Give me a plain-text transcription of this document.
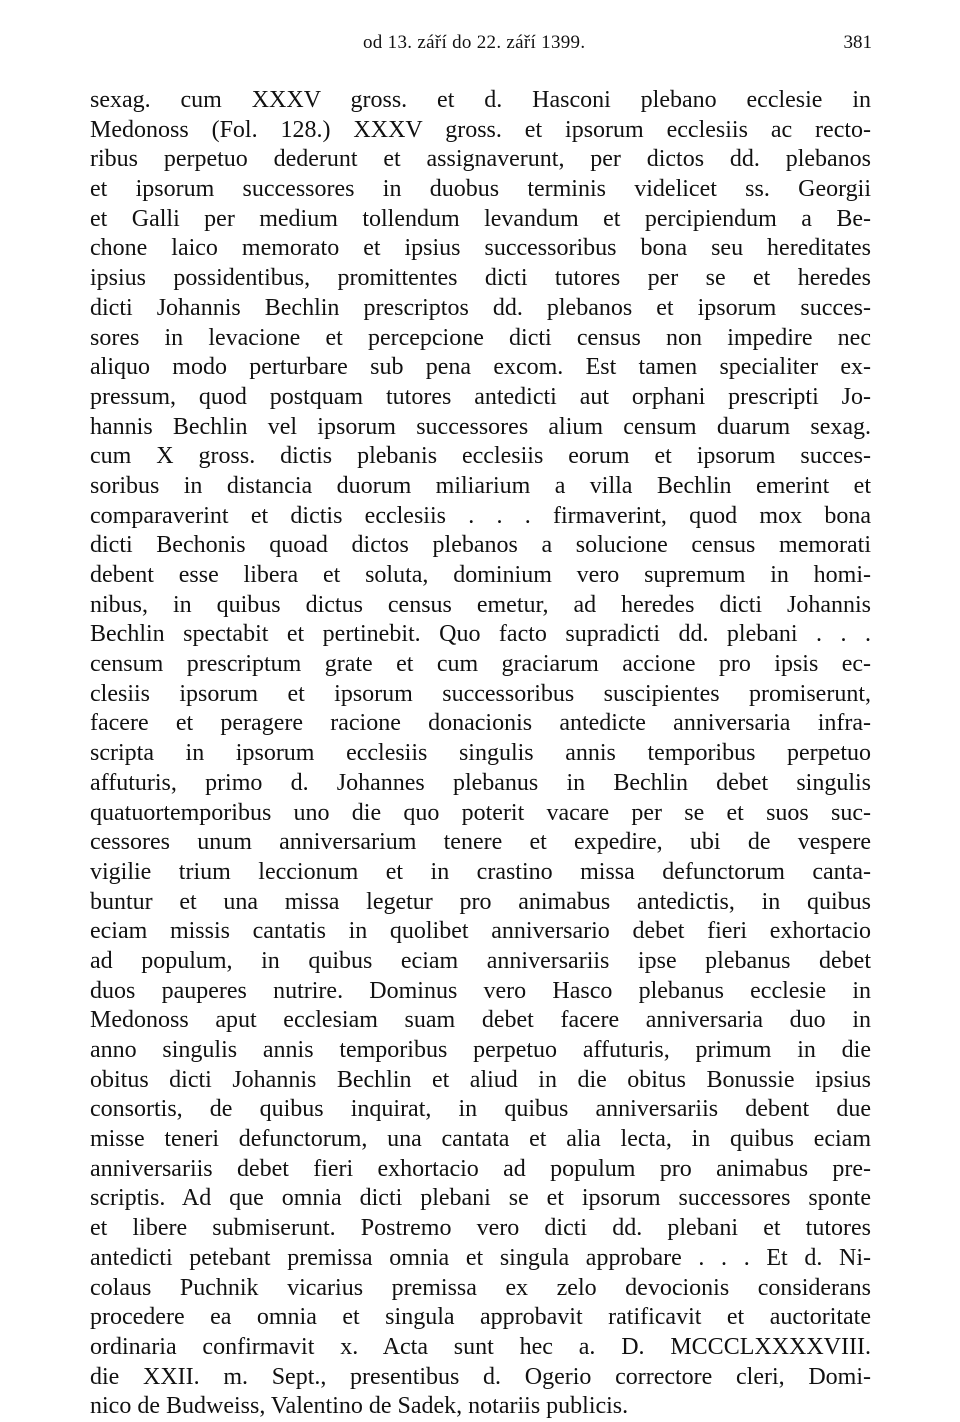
od 13. září do 22. září 1399.	381
sexag. cum XXXV gross. et d. Hasconi plebano ecclesie in
Medonoss (Fol. 128.) XXXV gross. et ipsorum ecclesiis ac recto-
ribus perpetuo dederunt et assignaverunt, per dictos dd. plebanos
et ipsorum successores in duobus terminis videlicet ss. Georgii
et Galli per medium tollendum levandum et percipiendum a Be-
chone laico memorato et ipsius successoribus bona seu hereditates
ipsius possidentibus, promittentes dicti tutores per se et heredes
dicti Johannis Bechlin prescriptos dd. plebanos et ipsorum succes-
sores in levacione et percepcione dicti census non impedire nec
aliquo modo perturbare sub pena excom. Est tamen specialiter ex-
pressum, quod postquam tutores antedicti aut orphani prescripti Jo-
hannis Bechlin vel ipsorum successores alium censum duarum sexag.
cum X gross. dictis plebanis ecclesiis eorum et ipsorum succes-
soribus in distancia duorum miliarium a villa Bechlin emerint et
comparaverint et dictis ecclesiis . . . firmaverint, quod mox bona
dicti Bechonis quoad dictos plebanos a solucione census memorati
debent esse libera et soluta, dominium vero supremum in homi-
nibus, in quibus dictus census emetur, ad heredes dicti Johannis
Bechlin spectabit et pertinebit. Quo facto supradicti dd. plebani . . .
censum prescriptum grate et cum graciarum accione pro ipsis ec-
clesiis ipsorum et ipsorum successoribus suscipientes promiserunt,
facere et peragere racione donacionis antedicte anniversaria infra-
scripta in ipsorum ecclesiis singulis annis temporibus perpetuo
affuturis, primo d. Johannes plebanus in Bechlin debet singulis
quatuortemporibus uno die quo poterit vacare per se et suos suc-
cessores unum anniversarium tenere et expedire, ubi de vespere
vigilie trium leccionum et in crastino missa defunctorum canta-
buntur et una missa legetur pro animabus antedictis, in quibus
eciam missis cantatis in quolibet anniversario debet fieri exhortacio
ad populum, in quibus eciam anniversariis ipse plebanus debet
duos pauperes nutrire. Dominus vero Hasco plebanus ecclesie in
Medonoss aput ecclesiam suam debet facere anniversaria duo in
anno singulis annis temporibus perpetuo affuturis, primum in die
obitus dicti Johannis Bechlin et aliud in die obitus Bonussie ipsius
consortis, de quibus inquirat, in quibus anniversariis debent due
misse teneri defunctorum, una cantata et alia lecta, in quibus eciam
anniversariis debet fieri exhortacio ad populum pro animabus pre-
scriptis. Ad que omnia dicti plebani se et ipsorum successores sponte
et libere submiserunt. Postremo vero dicti dd. plebani et tutores
antedicti petebant premissa omnia et singula approbare . . . Et d. Ni-
colaus Puchnik vicarius premissa ex zelo devocionis considerans
procedere ea omnia et singula approbavit ratificavit et auctoritate
ordinaria confirmavit x. Acta sunt hec a. D. MCCCLXXXXVIII.
die XXII. m. Sept., presentibus d. Ogerio correctore cleri, Domi-
nico de Budweiss, Valentino de Sadek, notariis publicis.
